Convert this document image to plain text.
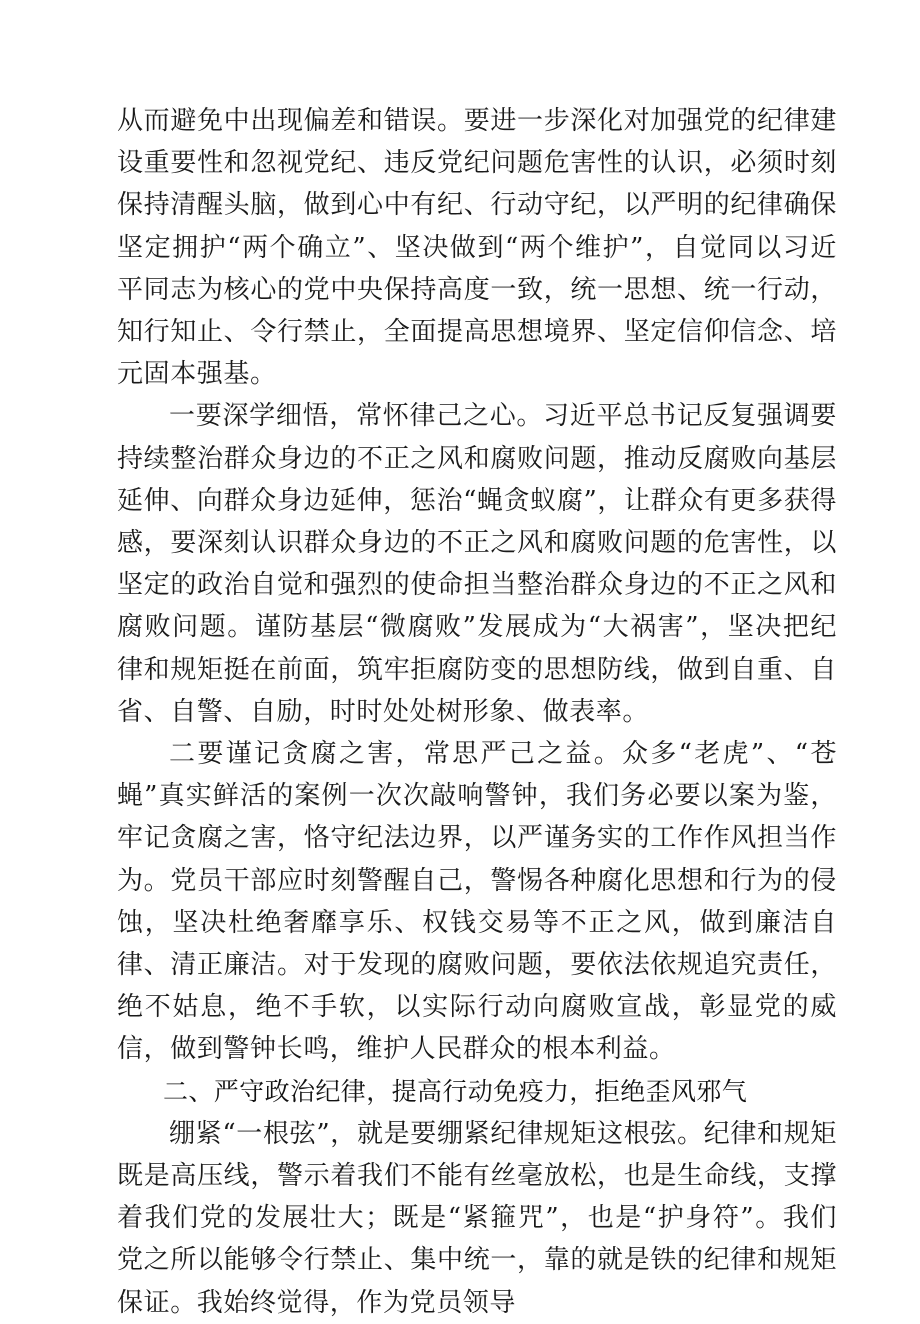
从而避免中出现偏差和错误。要进一步深化对加强党的纪律建设重要性和忽视党纪、违反党纪问题危害性的认识，必须时刻保持清醒头脑，做到心中有纪、行动守纪，以严明的纪律确保坚定拥护“两个确立”、坚决做到“两个维护”，自觉同以习近平同志为核心的党中央保持高度一致，统一思想、统一行动，知行知止、令行禁止，全面提高思想境界、坚定信仰信念、培元固本强基。

一要深学细悟，常怀律己之心。习近平总书记反复强调要持续整治群众身边的不正之风和腐败问题，推动反腐败向基层延伸、向群众身边延伸，惩治“蝇贪蚁腐”，让群众有更多获得感，要深刻认识群众身边的不正之风和腐败问题的危害性，以坚定的政治自觉和强烈的使命担当整治群众身边的不正之风和腐败问题。谨防基层“微腐败”发展成为“大祸害”，坚决把纪律和规矩挺在前面，筑牢拒腐防变的思想防线，做到自重、自省、自警、自励，时时处处树形象、做表率。

二要谨记贪腐之害，常思严己之益。众多“老虎”、“苍蝇”真实鲜活的案例一次次敲响警钟，我们务必要以案为鉴，牢记贪腐之害，恪守纪法边界，以严谨务实的工作作风担当作为。党员干部应时刻警醒自己，警惕各种腐化思想和行为的侵蚀，坚决杜绝奢靡享乐、权钱交易等不正之风，做到廉洁自律、清正廉洁。对于发现的腐败问题，要依法依规追究责任，绝不姑息，绝不手软，以实际行动向腐败宣战，彰显党的威信，做到警钟长鸣，维护人民群众的根本利益。

二、严守政治纪律，提高行动免疫力，拒绝歪风邪气

绷紧“一根弦”，就是要绷紧纪律规矩这根弦。纪律和规矩既是高压线，警示着我们不能有丝毫放松，也是生命线，支撑着我们党的发展壮大；既是“紧箍咒”，也是“护身符”。我们党之所以能够令行禁止、集中统一，靠的就是铁的纪律和规矩保证。我始终觉得，作为党员领导
